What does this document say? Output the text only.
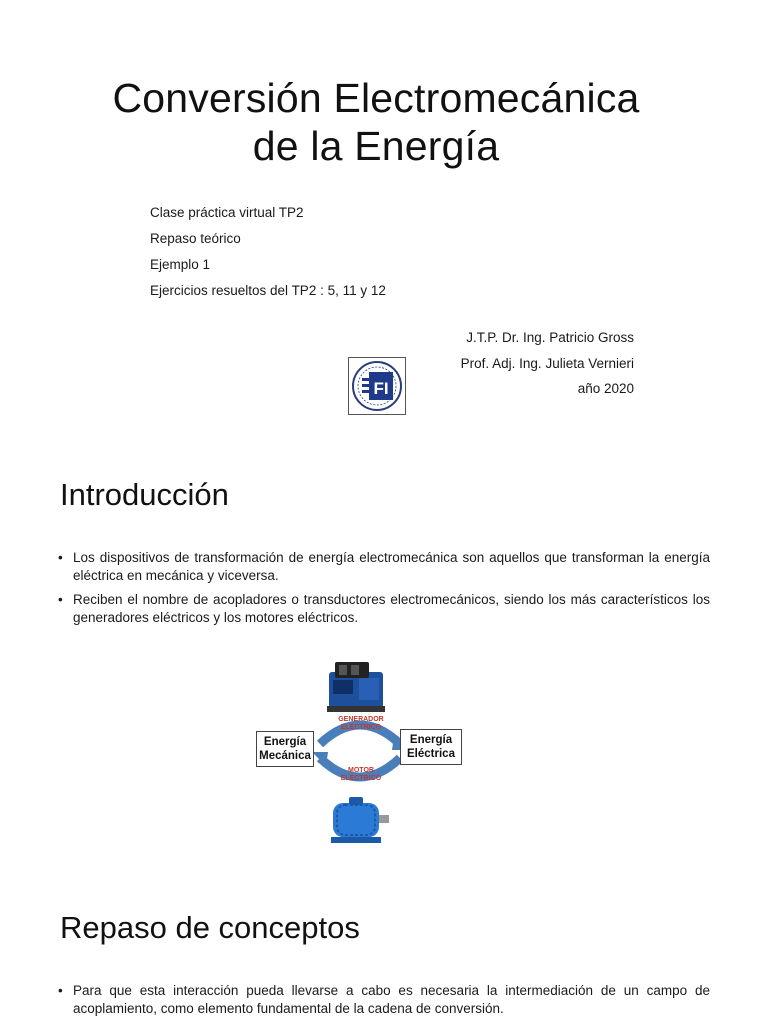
Conversión Electromecánica
de la Energía
Clase práctica virtual TP2
Repaso teórico
Ejemplo 1
Ejercicios resueltos del TP2 : 5, 11 y 12
J.T.P. Dr. Ing. Patricio Gross
Prof. Adj. Ing. Julieta Vernieri
año 2020
FI
Introducción
• Los dispositivos de transformación de energía electromecánica son aquellos que transforman la energía eléctrica en mecánica y viceversa.
• Reciben el nombre de acopladores o transductores electromecánicos, siendo los más característicos los generadores eléctricos y los motores eléctricos.
GENERADOR
ELÉCTRICO
MOTOR
ELÉCTRICO
Energía
Mecánica
Energía
Eléctrica
Repaso de conceptos
• Para que esta interacción pueda llevarse a cabo es necesaria la intermediación de un campo de acoplamiento, como elemento fundamental de la cadena de conversión.
